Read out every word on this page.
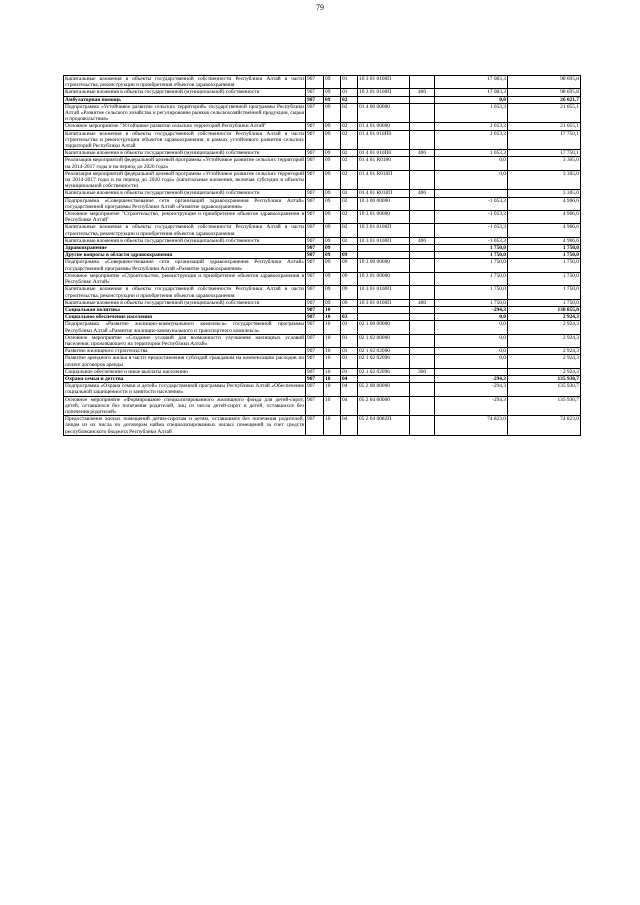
79
Капитальные вложения в объекты государственной собственности Республики Алтай в части строительства, реконструкции и приобретения объектов здравоохранения	907	09	01	10 3 01 0100П		17 083,3	98 695,8
Капитальные вложения в объекты государственной (муниципальной) собственности	907	09	01	10 3 01 0100П	400	17 083,3	98 695,8
Амбулаторная помощь	907	09	02			0,0	26 021,7
Подпрограмма «Устойчивое развитие сельских территорий» государственной программы Республики Алтай «Развитие сельского хозяйства и регулирование рынков сельскохозяйственной продукции, сырья и продовольствия»	907	09	02	01 4 00 00000		1 053,3	21 055,1
Основное мероприятие "Устойчивое развитие сельских территорий Республики Алтай"	907	09	02	01 4 01 00000		1 053,3	21 055,1
Капитальные вложения в объекты государственной собственности Республики Алтай в части строительства и реконструкции объектов здравоохранения, в рамках устойчивого развития сельских территорий Республики Алтай	907	09	02	01 4 01 010П0		1 053,3	17 750,1
Капитальные вложения в объекты государственной (муниципальной) собственности	907	09	02	01 4 01 010П0	400	1 053,3	17 750,1
Реализация мероприятий федеральной целевой программы «Устойчивое развитие сельских территорий на 2014-2017 годы и на период до 2020 года»	907	09	02	01 4 01 R0180		0,0	3 305,0
Реализация мероприятий федеральной целевой программы «Устойчивое развитие сельских территорий на 2014-2017 годы и на период до 2020 года» (капитальные вложения, включая субсидии в объекты муниципальной собственности)	907	09	02	01 4 01 R018П		0,0	3 305,0
Капитальные вложения в объекты государственной (муниципальной) собственности	907	09	02	01 4 01 R018П	400		3 305,0
Подпрограмма «Совершенствование сети организаций здравоохранения Республики Алтай» государственной программы Республики Алтай «Развитие здравоохранения»	907	09	02	10 3 00 00000		-1 053,3	4 966,6
Основное мероприятие "Строительство, реконструкция и приобретение объектов здравоохранения в Республике Алтай"	907	09	02	10 3 01 00000		-1 053,3	4 966,6
Капитальные вложения в объекты государственной собственности Республики Алтай в части строительства, реконструкции и приобретения объектов здравоохранения	907	09	02	10 3 01 0100П		-1 053,3	4 966,6
Капитальные вложения в объекты государственной (муниципальной) собственности	907	09	02	10 3 01 0100П	400	-1 053,3	4 966,6
Здравоохранение	907	09				1 750,0	1 750,0
Другие вопросы в области здравоохранения	907	09	09			1 750,0	1 750,0
Подпрограмма «Совершенствование сети организаций здравоохранения Республики Алтай» государственной программы Республики Алтай «Развитие здравоохранения»	907	09	09	10 3 00 00000		1 750,0	1 750,0
Основное мероприятие «Строительство, реконструкция и приобретение объектов здравоохранения в Республике Алтай»	907	09	09	10 3 01 00000		1 750,0	1 750,0
Капитальные вложения в объекты государственной собственности Республики Алтай в части строительства, реконструкции и приобретения объектов здравоохранения	907	09	09	10 3 01 0100П		1 750,0	1 750,0
Капитальные вложения в объекты государственной (муниципальной) собственности	907	09	09	10 3 01 0100П	400	1 750,0	1 750,0
Социальная политика	907	10				-294,3	138 855,0
Социальное обеспечение населения	907	10	03			0,0	2 924,3
Подпрограмма «Развитие жилищно-коммунального комплекса» государственной программы Республики Алтай «Развитие жилищно-коммунального и транспортного комплекса»	907	10	03	02 1 00 00000		0,0	2 924,3
Основное мероприятие «Создание условий для возможности улучшения жилищных условий населения, проживающего на территории Республики Алтай»	907	10	03	02 1 02 00000		0,0	2 924,3
Развитие жилищного строительства	907	10	03	02 1 02 02000		0,0	2 924,3
Развитие арендного жилья в части предоставления субсидий гражданам на компенсацию расходов по оплате договоров аренды	907	10	03	02 1 02 02096		0,0	2 924,3
Социальное обеспечение и иные выплаты населению	907	10	03	02 1 02 02096	300		2 924,3
Охрана семьи и детства	907	10	04			-294,3	135 930,7
Подпрограмма «Охрана семьи и детей» государственной программы Республики Алтай «Обеспечение социальной защищенности и занятости населения»	907	10	04	05 2 00 00000		-294,3	135 930,7
Основное мероприятие «Формирование специализированного жилищного фонда для детей-сирот, детей, оставшихся без попечения родителей, лиц из числа детей-сирот и детей, оставшихся без попечения родителей»	907	10	04	05 2 04 00000		-294,3	135 930,7
Предоставление жилых помещений детям-сиротам и детям, оставшимся без попечения родителей, лицам из их числа по договорам найма специализированных жилых помещений за счет средств республиканского бюджета Республики Алтай	907	10	04	05 2 04 0082П		74 823,0	74 823,0
